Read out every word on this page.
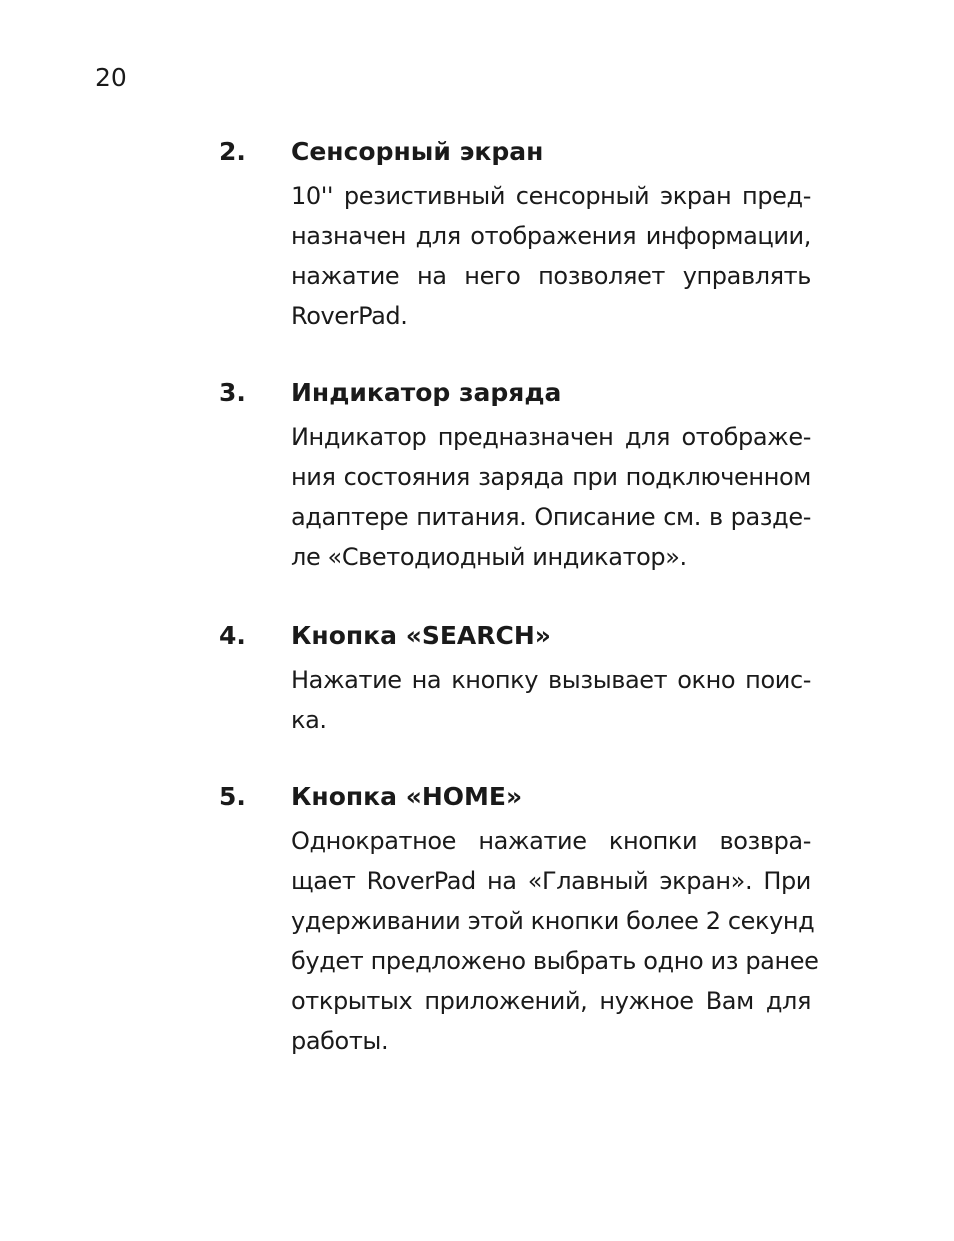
20
2. Сенсорный экран
10'' резистивный сенсорный экран пред-
назначен для отображения информации,
нажатие на него позволяет управлять
RoverPad.
3. Индикатор заряда
Индикатор предназначен для отображе-
ния состояния заряда при подключенном
адаптере питания. Описание см. в разде-
ле «Светодиодный индикатор».
4. Кнопка «SEARCH»
Нажатие на кнопку вызывает окно поис-
ка.
5. Кнопка «HOME»
Однократное нажатие кнопки возвра-
щает RoverPad на «Главный экран». При
удерживании этой кнопки более 2 секунд
будет предложено выбрать одно из ранее
открытых приложений, нужное Вам для
работы.
